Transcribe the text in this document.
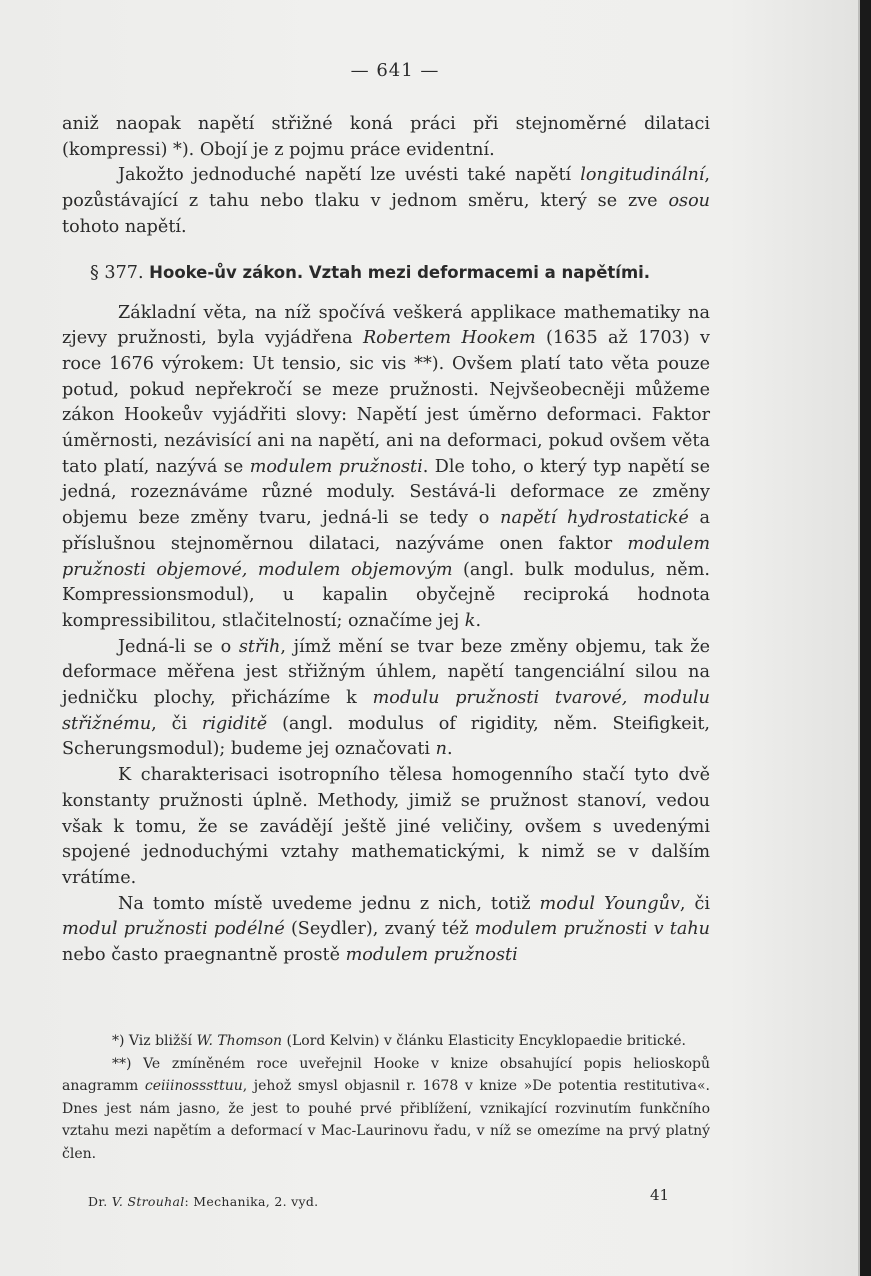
— 641 —

aniž naopak napětí střižné koná práci při stejnoměrné dilataci (kompressi) *). Obojí je z pojmu práce evidentní.

Jakožto jednoduché napětí lze uvésti také napětí longitudinální, pozůstávající z tahu nebo tlaku v jednom směru, který se zve osou tohoto napětí.

§ 377. Hooke-ův zákon. Vztah mezi deformacemi a napětími.

Základní věta, na níž spočívá veškerá applikace mathematiky na zjevy pružnosti, byla vyjádřena Robertem Hookem (1635 až 1703) v roce 1676 výrokem: Ut tensio, sic vis **). Ovšem platí tato věta pouze potud, pokud nepřekročí se meze pružnosti. Nejvšeobecněji můžeme zákon Hookeův vyjádřiti slovy: Napětí jest úměrno deformaci. Faktor úměrnosti, nezávisící ani na napětí, ani na deformaci, pokud ovšem věta tato platí, nazývá se modulem pružnosti. Dle toho, o který typ napětí se jedná, rozeznáváme různé moduly. Sestává-li deformace ze změny objemu beze změny tvaru, jedná-li se tedy o napětí hydrostatické a příslušnou stejnoměrnou dilataci, nazýváme onen faktor modulem pružnosti objemové, modulem objemovým (angl. bulk modulus, něm. Kompressionsmodul), u kapalin obyčejně reciproká hodnota kompressibilitou, stlačitelností; označíme jej k.

Jedná-li se o střih, jímž mění se tvar beze změny objemu, tak že deformace měřena jest střižným úhlem, napětí tangenciální silou na jedničku plochy, přicházíme k modulu pružnosti tvarové, modulu střižnému, či rigiditě (angl. modulus of rigidity, něm. Steifigkeit, Scherungsmodul); budeme jej označovati n.

K charakterisaci isotropního tělesa homogenního stačí tyto dvě konstanty pružnosti úplně. Methody, jimiž se pružnost stanoví, vedou však k tomu, že se zavádějí ještě jiné veličiny, ovšem s uvedenými spojené jednoduchými vztahy mathematickými, k nimž se v dalším vrátíme.

Na tomto místě uvedeme jednu z nich, totiž modul Youngův, či modul pružnosti podélné (Seydler), zvaný též modulem pružnosti v tahu nebo často praegnantně prostě modulem pružnosti

*) Viz bližší W. Thomson (Lord Kelvin) v článku Elasticity Encyklopaedie britické.

**) Ve zmíněném roce uveřejnil Hooke v knize obsahující popis helioskopů anagramm ceiiinosssttuu, jehož smysl objasnil r. 1678 v knize »De potentia restitutiva«. Dnes jest nám jasno, že jest to pouhé prvé přiblížení, vznikající rozvinutím funkčního vztahu mezi napětím a deformací v Mac-Laurinovu řadu, v níž se omezíme na prvý platný člen.

Dr. V. Strouhal: Mechanika, 2. vyd.	41
